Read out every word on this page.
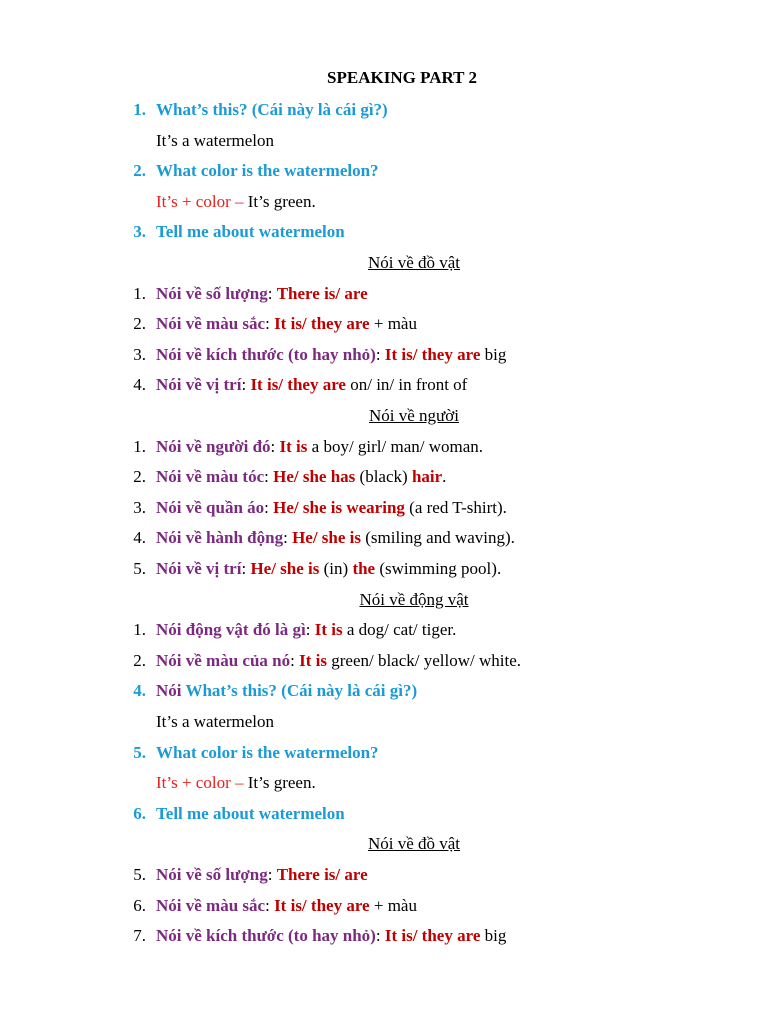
SPEAKING PART 2
1. What’s this? (Cái này là cái gì?)
It’s a watermelon
2. What color is the watermelon?
It’s + color – It’s green.
3. Tell me about watermelon
Nói về đồ vật
1. Nói về số lượng: There is/ are
2. Nói về màu sắc: It is/ they are + màu
3. Nói về kích thước (to hay nhỏ): It is/ they are big
4. Nói về vị trí: It is/ they are on/ in/ in front of
Nói về người
1. Nói về người đó: It is a boy/ girl/ man/ woman.
2. Nói về màu tóc: He/ she has (black) hair.
3. Nói về quần áo: He/ she is wearing (a red T-shirt).
4. Nói về hành động: He/ she is (smiling and waving).
5. Nói về vị trí: He/ she is (in) the (swimming pool).
Nói về động vật
1. Nói động vật đó là gì: It is a dog/ cat/ tiger.
2. Nói về màu của nó: It is green/ black/ yellow/ white.
4. Nói What’s this? (Cái này là cái gì?)
It’s a watermelon
5. What color is the watermelon?
It’s + color – It’s green.
6. Tell me about watermelon
Nói về đồ vật
5. Nói về số lượng: There is/ are
6. Nói về màu sắc: It is/ they are + màu
7. Nói về kích thước (to hay nhỏ): It is/ they are big
